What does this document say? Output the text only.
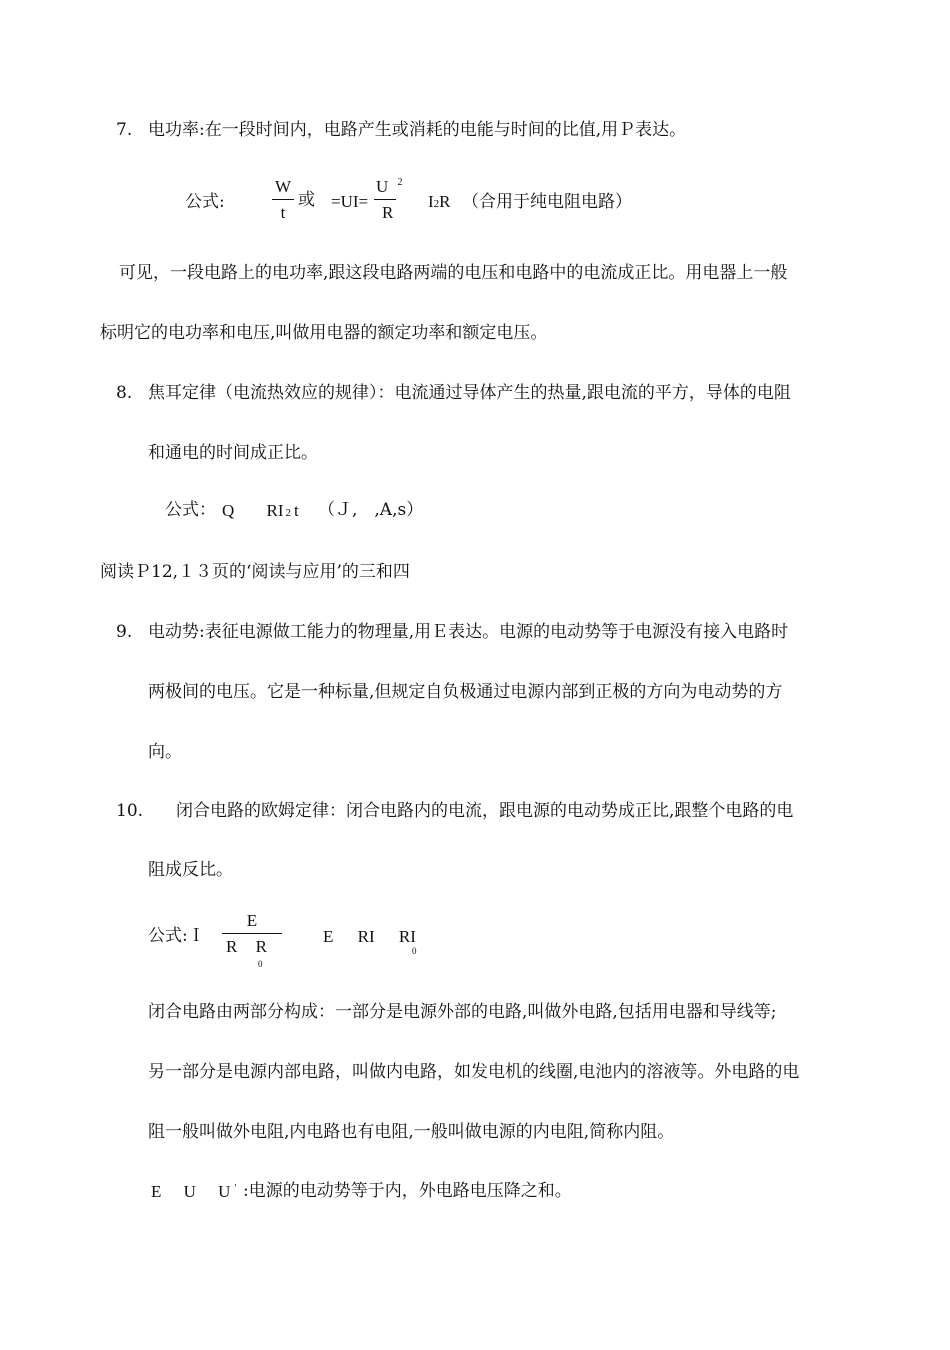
7. 电功率:在一段时间内，电路产生或消耗的电能与时间的比值,用Ｐ表达。
公式:
W
t
或 =UI=
U $^2$
R
I2R （合用于纯电阻电路）
可见，一段电路上的电功率,跟这段电路两端的电压和电路中的电流成正比。用电器上一般
标明它的电功率和电压,叫做用电器的额定功率和额定电压。
8. 焦耳定律（电流热效应的规律）：电流通过导体产生的热量,跟电流的平方，导体的电阻
和通电的时间成正比。
公式： Q RI 2 t （Ｊ,　,A,s）
阅读Ｐ12,１３页的‘阅读与应用’的三和四
9. 电动势:表征电源做工能力的物理量,用Ｅ表达。电源的电动势等于电源没有接入电路时
两极间的电压。它是一种标量,但规定自负极通过电源内部到正极的方向为电动势的方
向。
10. 闭合电路的欧姆定律：闭合电路内的电流，跟电源的电动势成正比,跟整个电路的电
阻成反比。
公式:Ｉ
E
R R
0
E RI RI
0
闭合电路由两部分构成：一部分是电源外部的电路,叫做外电路,包括用电器和导线等;
另一部分是电源内部电路，叫做内电路，如发电机的线圈,电池内的溶液等。外电路的电
阻一般叫做外电阻,内电路也有电阻,一般叫做电源的内电阻,简称内阻。
E U U ' :电源的电动势等于内，外电路电压降之和。
